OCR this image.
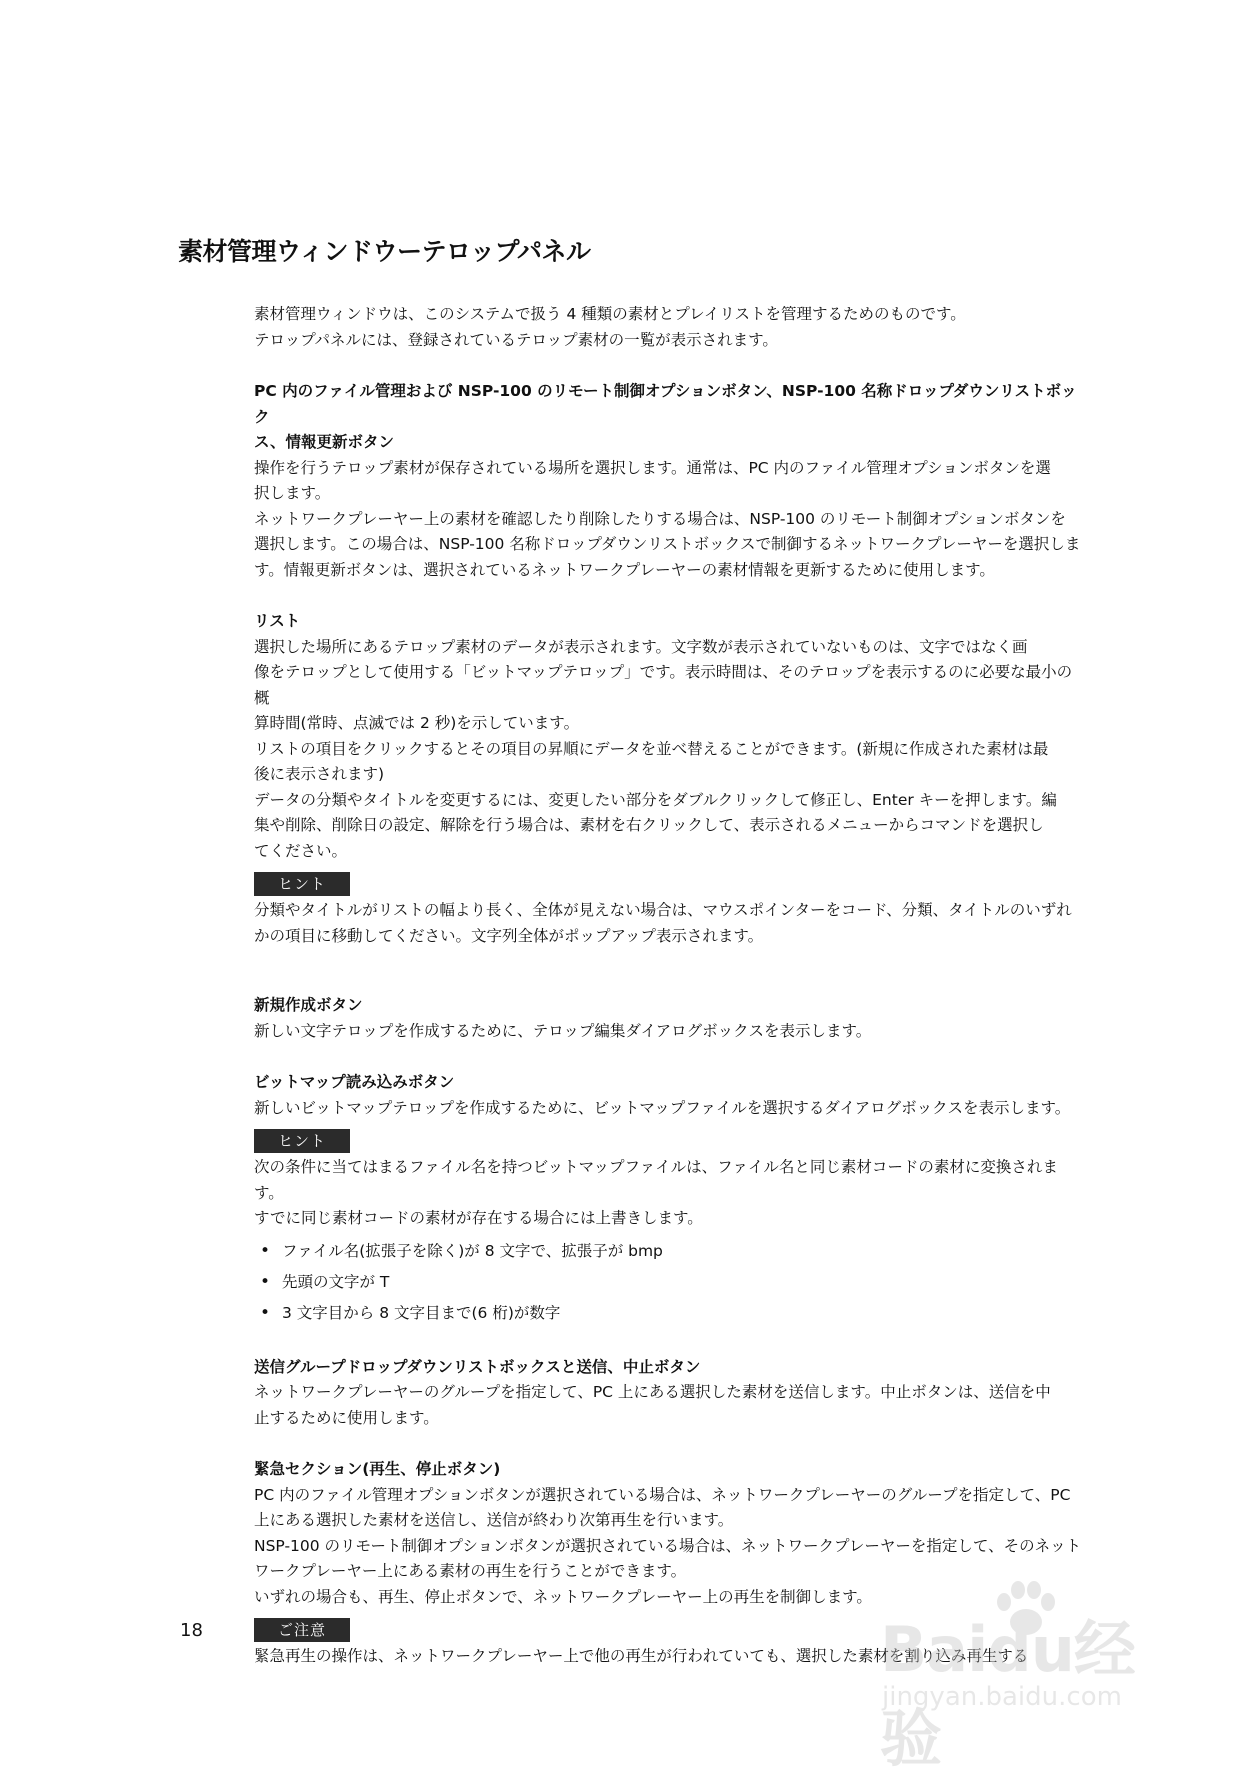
素材管理ウィンドウーテロップパネル

素材管理ウィンドウは、このシステムで扱う 4 種類の素材とプレイリストを管理するためのものです。

テロップパネルには、登録されているテロップ素材の一覧が表示されます。

PC 内のファイル管理および NSP-100 のリモート制御オプションボタン、NSP-100 名称ドロップダウンリストボック

ス、情報更新ボタン

操作を行うテロップ素材が保存されている場所を選択します。通常は、PC 内のファイル管理オプションボタンを選

択します。

ネットワークプレーヤー上の素材を確認したり削除したりする場合は、NSP-100 のリモート制御オプションボタンを

選択します。この場合は、NSP-100 名称ドロップダウンリストボックスで制御するネットワークプレーヤーを選択しま

す。情報更新ボタンは、選択されているネットワークプレーヤーの素材情報を更新するために使用します。

リスト

選択した場所にあるテロップ素材のデータが表示されます。文字数が表示されていないものは、文字ではなく画

像をテロップとして使用する「ビットマップテロップ」です。表示時間は、そのテロップを表示するのに必要な最小の概

算時間(常時、点滅では 2 秒)を示しています。

リストの項目をクリックするとその項目の昇順にデータを並べ替えることができます。(新規に作成された素材は最

後に表示されます)

データの分類やタイトルを変更するには、変更したい部分をダブルクリックして修正し、Enter キーを押します。編

集や削除、削除日の設定、解除を行う場合は、素材を右クリックして、表示されるメニューからコマンドを選択し

てください。

ヒント

分類やタイトルがリストの幅より長く、全体が見えない場合は、マウスポインターをコード、分類、タイトルのいずれ

かの項目に移動してください。文字列全体がポップアップ表示されます。

新規作成ボタン

新しい文字テロップを作成するために、テロップ編集ダイアログボックスを表示します。

ビットマップ読み込みボタン

新しいビットマップテロップを作成するために、ビットマップファイルを選択するダイアログボックスを表示します。

ヒント

次の条件に当てはまるファイル名を持つビットマップファイルは、ファイル名と同じ素材コードの素材に変換されます。

すでに同じ素材コードの素材が存在する場合には上書きします。

• ファイル名(拡張子を除く)が 8 文字で、拡張子が bmp
• 先頭の文字が T
• 3 文字目から 8 文字目まで(6 桁)が数字

送信グループドロップダウンリストボックスと送信、中止ボタン

ネットワークプレーヤーのグループを指定して、PC 上にある選択した素材を送信します。中止ボタンは、送信を中

止するために使用します。

緊急セクション(再生、停止ボタン)

PC 内のファイル管理オプションボタンが選択されている場合は、ネットワークプレーヤーのグループを指定して、PC

上にある選択した素材を送信し、送信が終わり次第再生を行います。

NSP-100 のリモート制御オプションボタンが選択されている場合は、ネットワークプレーヤーを指定して、そのネット

ワークプレーヤー上にある素材の再生を行うことができます。

いずれの場合も、再生、停止ボタンで、ネットワークプレーヤー上の再生を制御します。

ご注意

緊急再生の操作は、ネットワークプレーヤー上で他の再生が行われていても、選択した素材を割り込み再生する

18	Baidu经验
jingyan.baidu.com
